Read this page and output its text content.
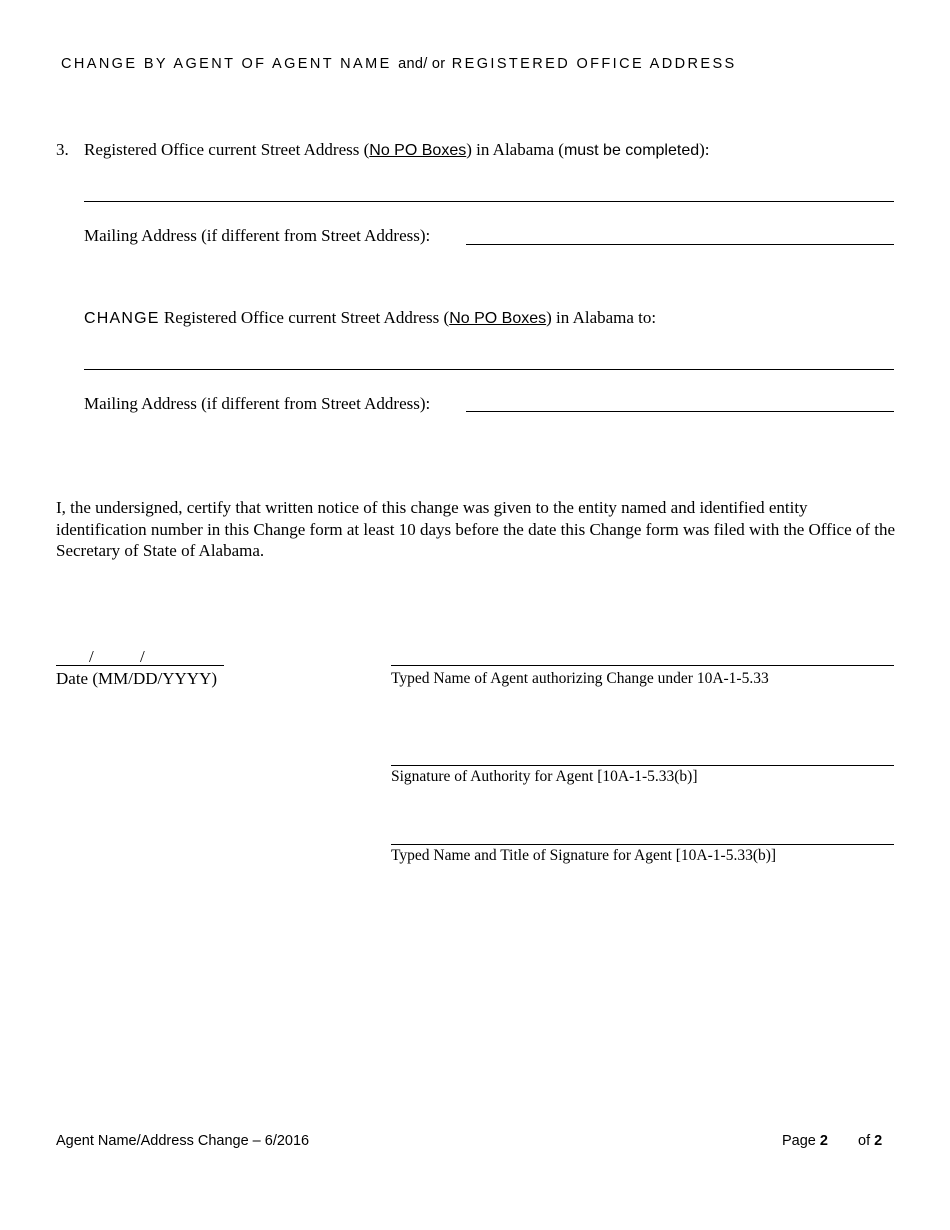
CHANGE BY AGENT OF AGENT NAME and/ or REGISTERED OFFICE ADDRESS
3. Registered Office current Street Address (No PO Boxes) in Alabama (must be completed):
Mailing Address (if different from Street Address):
CHANGE Registered Office current Street Address (No PO Boxes) in Alabama to:
Mailing Address (if different from Street Address):
I, the undersigned, certify that written notice of this change was given to the entity named and identified entity identification number in this Change form at least 10 days before the date this Change form was filed with the Office of the Secretary of State of Alabama.
/	/
Date (MM/DD/YYYY)	Typed Name of Agent authorizing Change under 10A-1-5.33
Signature of Authority for Agent [10A-1-5.33(b)]
Typed Name and Title of Signature for Agent [10A-1-5.33(b)]
Agent Name/Address Change – 6/2016	Page 2 of 2
